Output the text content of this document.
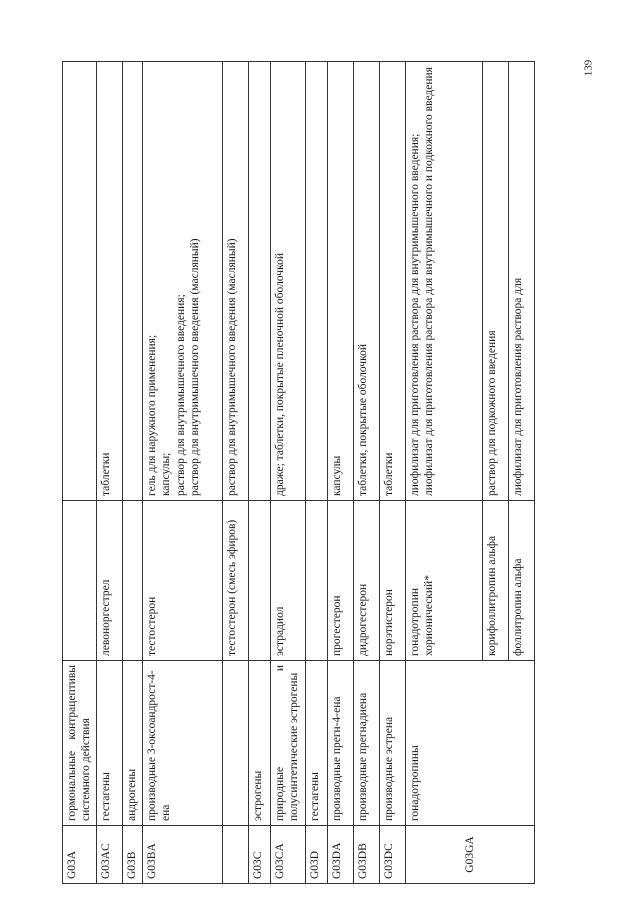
139
G03A	гормональные контрацептивы системного действия		
G03AC	гестагены	левоноргестрел	таблетки

G03B	андрогены		
G03BA	производные 3-оксоандрост-4-ена	тестостерон	гель для наружного применения; капсулы; раствор для внутримышечного введения; раствор для внутримышечного введения (масляный)

		тестостерон (смесь эфиров)	раствор для внутримышечного введения (масляный)

G03C	эстрогены		
G03CA	природные и полусинтетические эстрогены	эстрадиол	драже; таблетки, покрытые пленочной оболочкой

G03D	гестагены		
G03DA	производные прегн-4-ена	прогестерон	капсулы

G03DB	производные прегнадиена	дидрогестерон	таблетки, покрытые оболочкой

G03DC	производные эстрена	норэтистерон	таблетки

G03GA	гонадотропины	гонадотропин хорионический*	лиофилизат для приготовления раствора для внутримышечного введения; лиофилизат для приготовления раствора для внутримышечного и подкожного введения

		корифоллитропин альфа	раствор для подкожного введения

		фоллитропин альфа	лиофилизат для приготовления раствора для
